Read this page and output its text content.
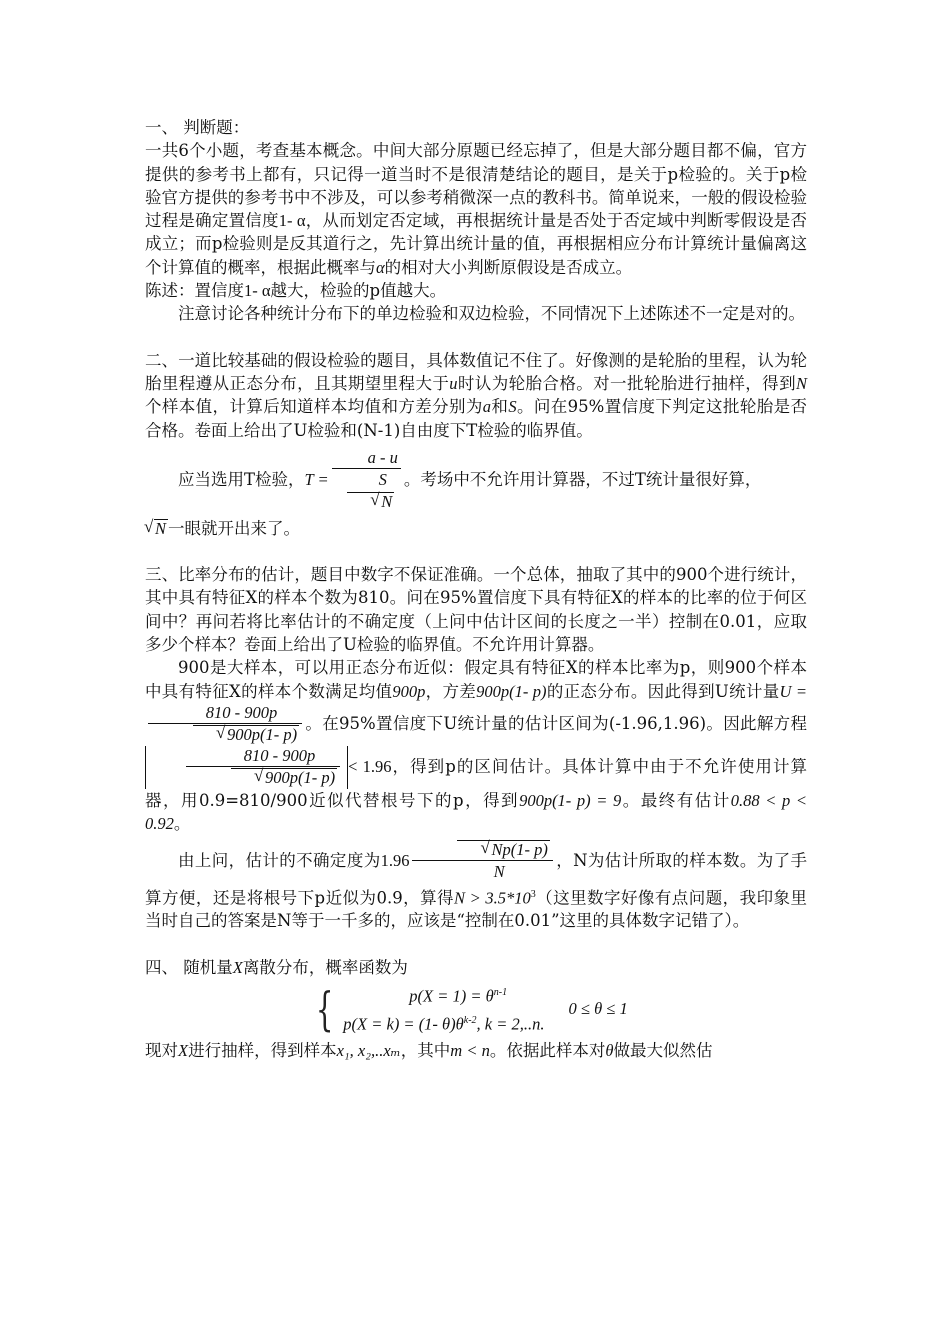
一、 判断题：

一共6个小题，考查基本概念。中间大部分原题已经忘掉了，但是大部分题目都不偏，官方提供的参考书上都有，只记得一道当时不是很清楚结论的题目，是关于p检验的。关于p检验官方提供的参考书中不涉及，可以参考稍微深一点的教科书。简单说来，一般的假设检验过程是确定置信度1- α，从而划定否定域，再根据统计量是否处于否定域中判断零假设是否成立；而p检验则是反其道行之，先计算出统计量的值，再根据相应分布计算统计量偏离这个计算值的概率，根据此概率与α的相对大小判断原假设是否成立。

陈述：置信度1- α越大，检验的p值越大。

注意讨论各种统计分布下的单边检验和双边检验，不同情况下上述陈述不一定是对的。

二、一道比较基础的假设检验的题目，具体数值记不住了。好像测的是轮胎的里程，认为轮胎里程遵从正态分布，且其期望里程大于u时认为轮胎合格。对一批轮胎进行抽样，得到N个样本值，计算后知道样本均值和方差分别为a和S。问在95%置信度下判定这批轮胎是否合格。卷面上给出了U检验和(N-1)自由度下T检验的临界值。

应当选用T检验，T =
a - u
S
√ N
。考场中不允许用计算器，不过T统计量很好算，

√ N 一眼就开出来了。

三、比率分布的估计，题目中数字不保证准确。一个总体，抽取了其中的900个进行统计，其中具有特征X的样本个数为810。问在95%置信度下具有特征X的样本的比率的位于何区间中？再问若将比率估计的不确定度（上问中估计区间的长度之一半）控制在0.01，应取多少个样本？卷面上给出了U检验的临界值。不允许用计算器。

900是大样本，可以用正态分布近似：假定具有特征X的样本比率为p，则900个样本中具有特征X的样本个数满足均值900p，方差900p(1- p)的正态分布。因此得到U统计量U =
810 - 900p
√ 900p(1- p) 。在95%置信度下U统计量的估计区间为(-1.96,1.96)。因此解方程
810 - 900p
√ 900p(1- p) < 1.96，得到p的区间估计。具体计算中由于不允许使用计算器，用0.9=810/900近似代替根号下的p，得到900p(1- p) = 9。最终有估计0.88 < p < 0.92。

由上问，估计的不确定度为1.96
√ $\frac{Np(1- p)}{N}$ ，N为估计所取的样本数。为了手算方便，还是将根号下p近似为0.9，算得$N > 3.5*10^3$（这里数字好像有点问题，我印象里当时自己的答案是N等于一千多的，应该是“控制在0.01”这里的具体数字记错了）。

四、 随机量X离散分布，概率函数为

{	$p(X = 1) = \theta^{n-1}$
p(X = k) = (1- $\theta)\theta^{k-2}$, k = 2,..n.
0 ≤ θ ≤ 1

现对X进行抽样，得到样本x₁, x₂,..xₘ，其中m < n。依据此样本对θ做最大似然估
